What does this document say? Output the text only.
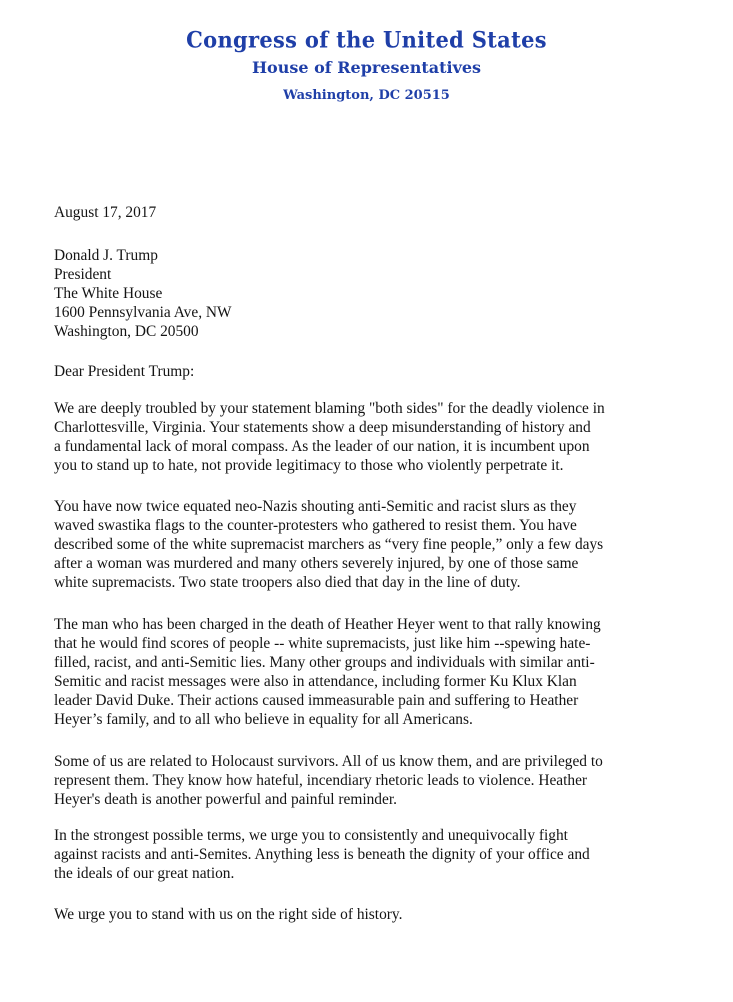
Congress of the United States
House of Representatives
Washington, DC 20515
August 17, 2017
Donald J. Trump
President
The White House
1600 Pennsylvania Ave, NW
Washington, DC 20500
Dear President Trump:
We are deeply troubled by your statement blaming "both sides" for the deadly violence in
Charlottesville, Virginia. Your statements show a deep misunderstanding of history and
a fundamental lack of moral compass. As the leader of our nation, it is incumbent upon
you to stand up to hate, not provide legitimacy to those who violently perpetrate it.
You have now twice equated neo-Nazis shouting anti-Semitic and racist slurs as they
waved swastika flags to the counter-protesters who gathered to resist them. You have
described some of the white supremacist marchers as “very fine people,” only a few days
after a woman was murdered and many others severely injured, by one of those same
white supremacists. Two state troopers also died that day in the line of duty.
The man who has been charged in the death of Heather Heyer went to that rally knowing
that he would find scores of people -- white supremacists, just like him --spewing hate-
filled, racist, and anti-Semitic lies. Many other groups and individuals with similar anti-
Semitic and racist messages were also in attendance, including former Ku Klux Klan
leader David Duke. Their actions caused immeasurable pain and suffering to Heather
Heyer’s family, and to all who believe in equality for all Americans.
Some of us are related to Holocaust survivors. All of us know them, and are privileged to
represent them. They know how hateful, incendiary rhetoric leads to violence. Heather
Heyer's death is another powerful and painful reminder.
In the strongest possible terms, we urge you to consistently and unequivocally fight
against racists and anti-Semites. Anything less is beneath the dignity of your office and
the ideals of our great nation.
We urge you to stand with us on the right side of history.
